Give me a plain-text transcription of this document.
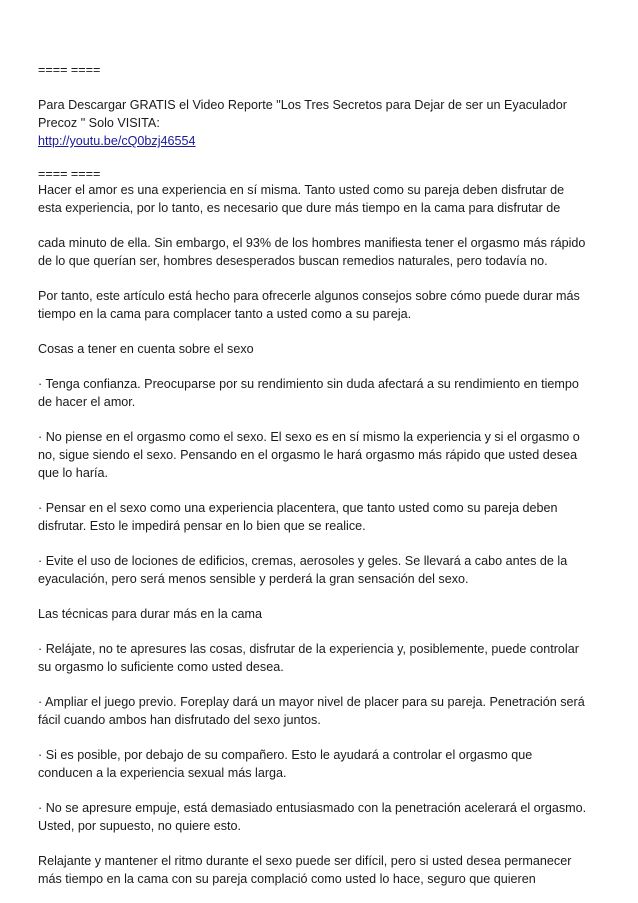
==== ====

Para Descargar GRATIS el Video Reporte "Los Tres Secretos para Dejar de ser un Eyaculador

Precoz " Solo VISITA:

http://youtu.be/cQ0bzj46554

==== ====

Hacer el amor es una experiencia en sí misma. Tanto usted como su pareja deben disfrutar de

esta experiencia, por lo tanto, es necesario que dure más tiempo en la cama para disfrutar de

cada minuto de ella. Sin embargo, el 93% de los hombres manifiesta tener el orgasmo más rápido

de lo que querían ser, hombres desesperados buscan remedios naturales, pero todavía no.

Por tanto, este artículo está hecho para ofrecerle algunos consejos sobre cómo puede durar más

tiempo en la cama para complacer tanto a usted como a su pareja.

Cosas a tener en cuenta sobre el sexo

· Tenga confianza. Preocuparse por su rendimiento sin duda afectará a su rendimiento en tiempo

de hacer el amor.

· No piense en el orgasmo como el sexo. El sexo es en sí mismo la experiencia y si el orgasmo o

no, sigue siendo el sexo. Pensando en el orgasmo le hará orgasmo más rápido que usted desea

que lo haría.

· Pensar en el sexo como una experiencia placentera, que tanto usted como su pareja deben

disfrutar. Esto le impedirá pensar en lo bien que se realice.

· Evite el uso de lociones de edificios, cremas, aerosoles y geles. Se llevará a cabo antes de la

eyaculación, pero será menos sensible y perderá la gran sensación del sexo.

Las técnicas para durar más en la cama

· Relájate, no te apresures las cosas, disfrutar de la experiencia y, posiblemente, puede controlar

su orgasmo lo suficiente como usted desea.

· Ampliar el juego previo. Foreplay dará un mayor nivel de placer para su pareja. Penetración será

fácil cuando ambos han disfrutado del sexo juntos.

· Si es posible, por debajo de su compañero. Esto le ayudará a controlar el orgasmo que

conducen a la experiencia sexual más larga.

· No se apresure empuje, está demasiado entusiasmado con la penetración acelerará el orgasmo.

Usted, por supuesto, no quiere esto.

Relajante y mantener el ritmo durante el sexo puede ser difícil, pero si usted desea permanecer

más tiempo en la cama con su pareja complació como usted lo hace, seguro que quieren
